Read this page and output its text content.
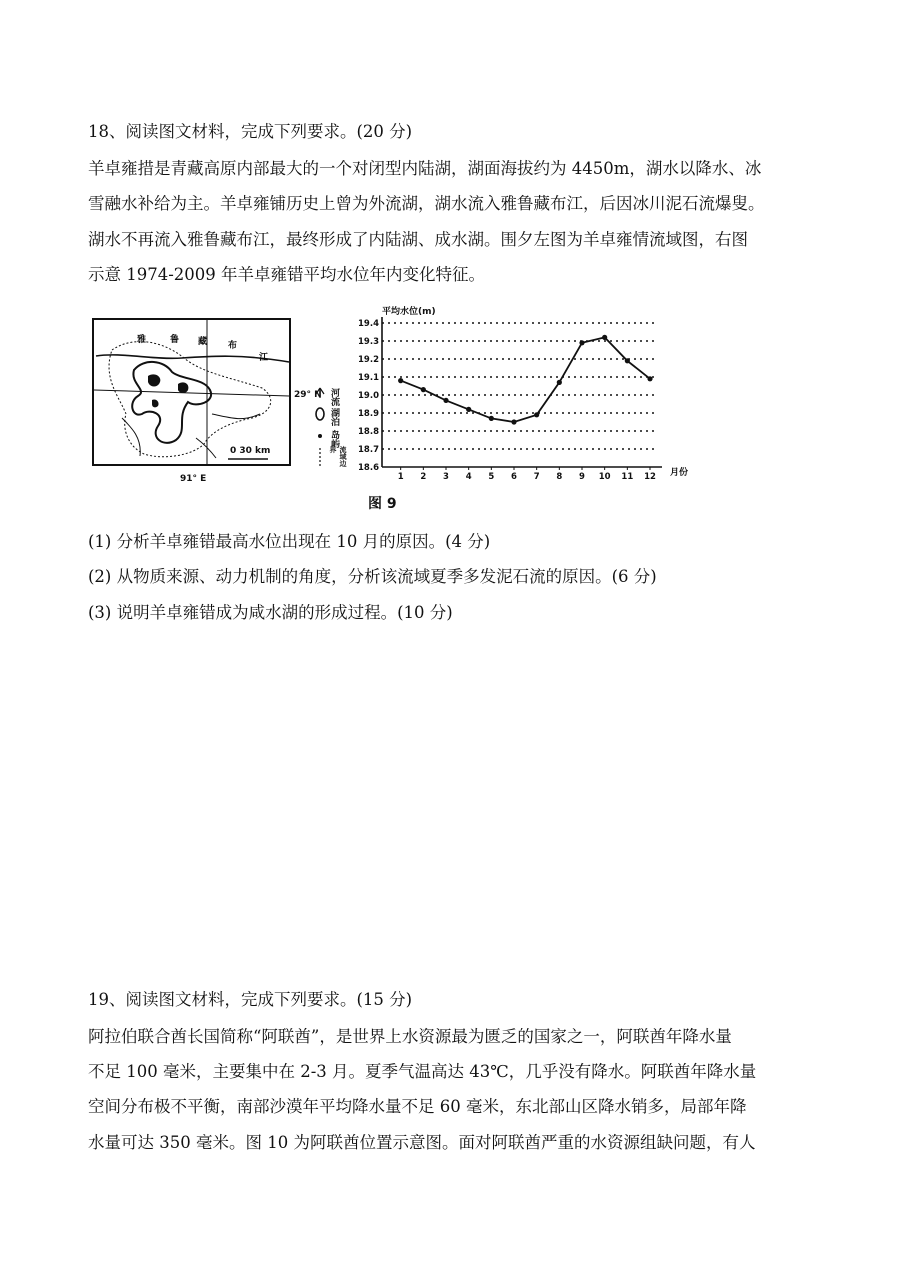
18、阅读图文材料，完成下列要求。(20 分)
羊卓雍措是青藏高原内部最大的一个对闭型内陆湖，湖面海拔约为 4450m，湖水以降水、冰
雪融水补给为主。羊卓雍铺历史上曾为外流湖，湖水流入雅鲁藏布江，后因冰川泥石流爆叟。
湖水不再流入雅鲁藏布江，最终形成了内陆湖、成水湖。围夕左图为羊卓雍情流域图，右图
示意 1974-2009 年羊卓雍错平均水位年内变化特征。
雅	鲁 藏 布
江
0 30 km
29° N
91° E
河流
湖泊
岛屿
流域边界
18.6
18.7
18.8
18.9
19.0
19.1
19.2
19.3
19.4
1 2 3 4 5 6 7 8 9 10 11 12
平均水位(m)
月份
图 9
(1) 分析羊卓雍错最高水位出现在 10 月的原因。(4 分)
(2) 从物质来源、动力机制的角度，分析该流域夏季多发泥石流的原因。(6 分)
(3) 说明羊卓雍错成为咸水湖的形成过程。(10 分)
19、阅读图文材料，完成下列要求。(15 分)
阿拉伯联合酋长国简称“阿联酋”，是世界上水资源最为匮乏的国家之一，阿联酋年降水量
不足 100 毫米，主要集中在 2-3 月。夏季气温高达 43℃，几乎没有降水。阿联酋年降水量
空间分布极不平衡，南部沙漠年平均降水量不足 60 毫米，东北部山区降水销多，局部年降
水量可达 350 毫米。图 10 为阿联酋位置示意图。面对阿联酋严重的水资源组缺问题，有人
